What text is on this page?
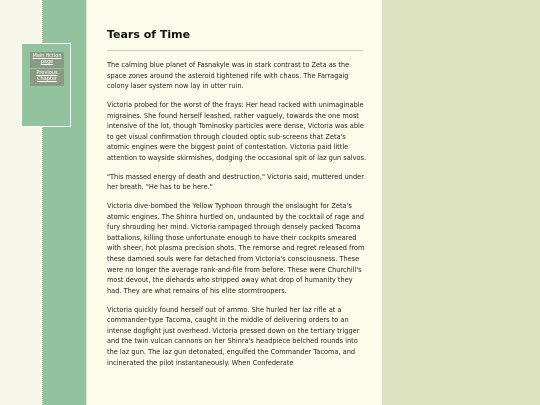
Main fiction page
Previous Chapter
Tears of Time

The calming blue planet of Fasnakyle was in stark contrast to Zeta as the space zones around the asteroid tightened rife with chaos. The Farragaig colony laser system now lay in utter ruin.

Victoria probed for the worst of the frays: Her head racked with unimaginable migraines. She found herself leashed, rather vaguely, towards the one most intensive of the lot, though Tominosky particles were dense, Victoria was able to get visual confirmation through clouded optic sub-screens that Zeta's atomic engines were the biggest point of contestation. Victoria paid little attention to wayside skirmishes, dodging the occasional spit of laz gun salvos.

"This massed energy of death and destruction," Victoria said, muttered under her breath. "He has to be here."

Victoria dive-bombed the Yellow Typhoon through the onslaught for Zeta's atomic engines. The Shinra hurtled on, undaunted by the cocktail of rage and fury shrouding her mind. Victoria rampaged through densely packed Tacoma battalions, killing those unfortunate enough to have their cockpits smeared with sheer, hot plasma precision shots. The remorse and regret released from these damned souls were far detached from Victoria's consciousness. These were no longer the average rank-and-file from before. These were Churchill's most devout, the diehards who stripped away what drop of humanity they had. They are what remains of his elite stormtroopers.

Victoria quickly found herself out of ammo. She hurled her laz rifle at a commander-type Tacoma, caught in the middle of delivering orders to an intense dogfight just overhead. Victoria pressed down on the tertiary trigger and the twin vulcan cannons on her Shinra's headpiece belched rounds into the laz gun. The laz gun detonated, engulfed the Commander Tacoma, and incinerated the pilot instantaneously. When Confederate
